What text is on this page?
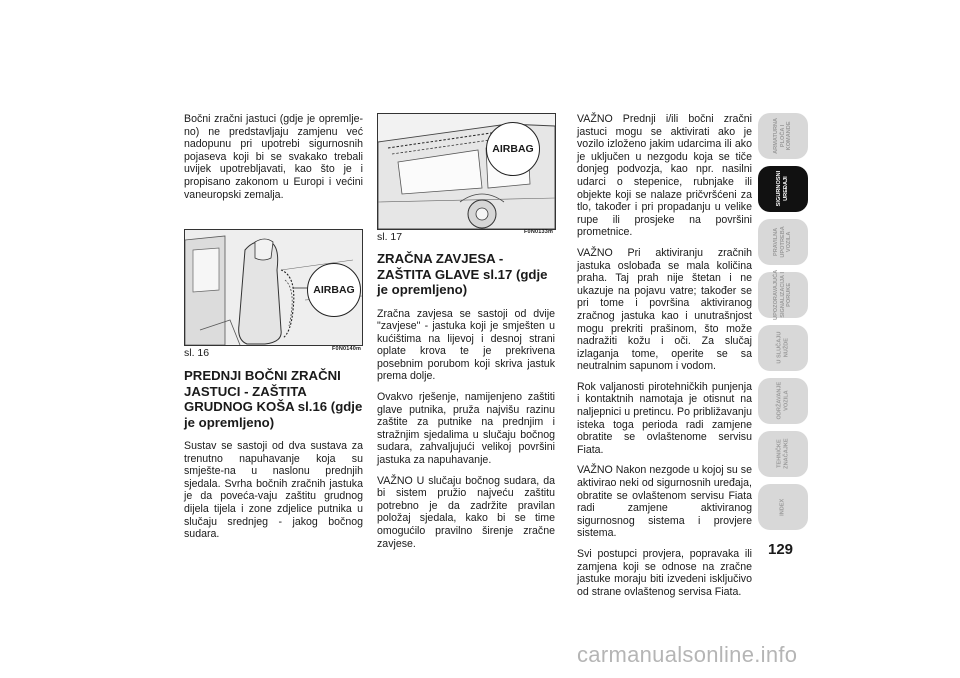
Bočni zračni jastuci (gdje je opremlje-no) ne predstavljaju zamjenu već nadopunu pri upotrebi sigurnosnih pojaseva koji bi se svakako trebali uvijek upotrebljavati, kao što je i propisano zakonom u Europi i većini vaneuropski zemalja.

AIRBAG
sl. 16	F0N0140m
PREDNJI BOČNI ZRAČNI JASTUCI - ZAŠTITA GRUDNOG KOŠA sl.16 (gdje je opremljeno)

Sustav se sastoji od dva sustava za trenutno napuhavanje koja su smješte-na u naslonu prednjih sjedala. Svrha bočnih zračnih jastuka je da poveća-vaju zaštitu grudnog dijela tijela i zone zdjelice putnika u slučaju srednjeg - jakog bočnog sudara.

AIRBAG
sl. 17	F0N0133m
ZRAČNA ZAVJESA - ZAŠTITA GLAVE sl.17 (gdje je opremljeno)

Zračna zavjesa se sastoji od dvije "zavjese" - jastuka koji je smješten u kućištima na lijevoj i desnoj strani oplate krova te je prekrivena posebnim porubom koji skriva jastuk prema dolje.

Ovakvo rješenje, namijenjeno zaštiti glave putnika, pruža najvišu razinu zaštite za putnike na prednjim i stražnjim sjedalima u slučaju bočnog sudara, zahvaljujući velikoj površini jastuka za napuhavanje.

VAŽNO U slučaju bočnog sudara, da bi sistem pružio najveću zaštitu potrebno je da zadržite pravilan položaj sjedala, kako bi se time omogućilo pravilno širenje zračne zavjese.

VAŽNO Prednji i/ili bočni zračni jastuci mogu se aktivirati ako je vozilo izloženo jakim udarcima ili ako je uključen u nezgodu koja se tiče donjeg podvozja, kao npr. nasilni udarci o stepenice, rubnjake ili objekte koji se nalaze pričvršćeni za tlo, također i pri propadanju u velike rupe ili prosjeke na površini prometnice.

VAŽNO Pri aktiviranju zračnih jastuka oslobađa se mala količina praha. Taj prah nije štetan i ne ukazuje na pojavu vatre; također se pri tome i površina aktiviranog zračnog jastuka kao i unutrašnjost mogu prekriti prašinom, što može nadražiti kožu i oči. Za slučaj izlaganja tome, operite se sa neutralnim sapunom i vodom.

Rok valjanosti pirotehničkih punjenja i kontaktnih namotaja je otisnut na naljepnici u pretincu. Po približavanju isteka toga perioda radi zamjene obratite se ovlaštenome servisu Fiata.

VAŽNO Nakon nezgode u kojoj su se aktivirao neki od sigurnosnih uređaja, obratite se ovlaštenom servisu Fiata radi zamjene aktiviranog sigurnosnog sistema i provjere sistema.

Svi postupci provjera, popravaka ili zamjena koji se odnose na zračne jastuke moraju biti izvedeni isključivo od strane ovlaštenog servisa Fiata.

ARMATURNA
PLOČA I
KOMANDE
SIGURNOSNI
UREĐAJI
PRAVILNA
UPOTREBA
VOZILA
UPOZORAVAJUĆA
SIGNALIZACIJA I
PORUKE
U SLUČAJU
NUŽDE
ODRŽAVANJE
VOZILA
TEHNIČKE
ZNAČAJKE
INDEX
129
carmanualsonline.info
